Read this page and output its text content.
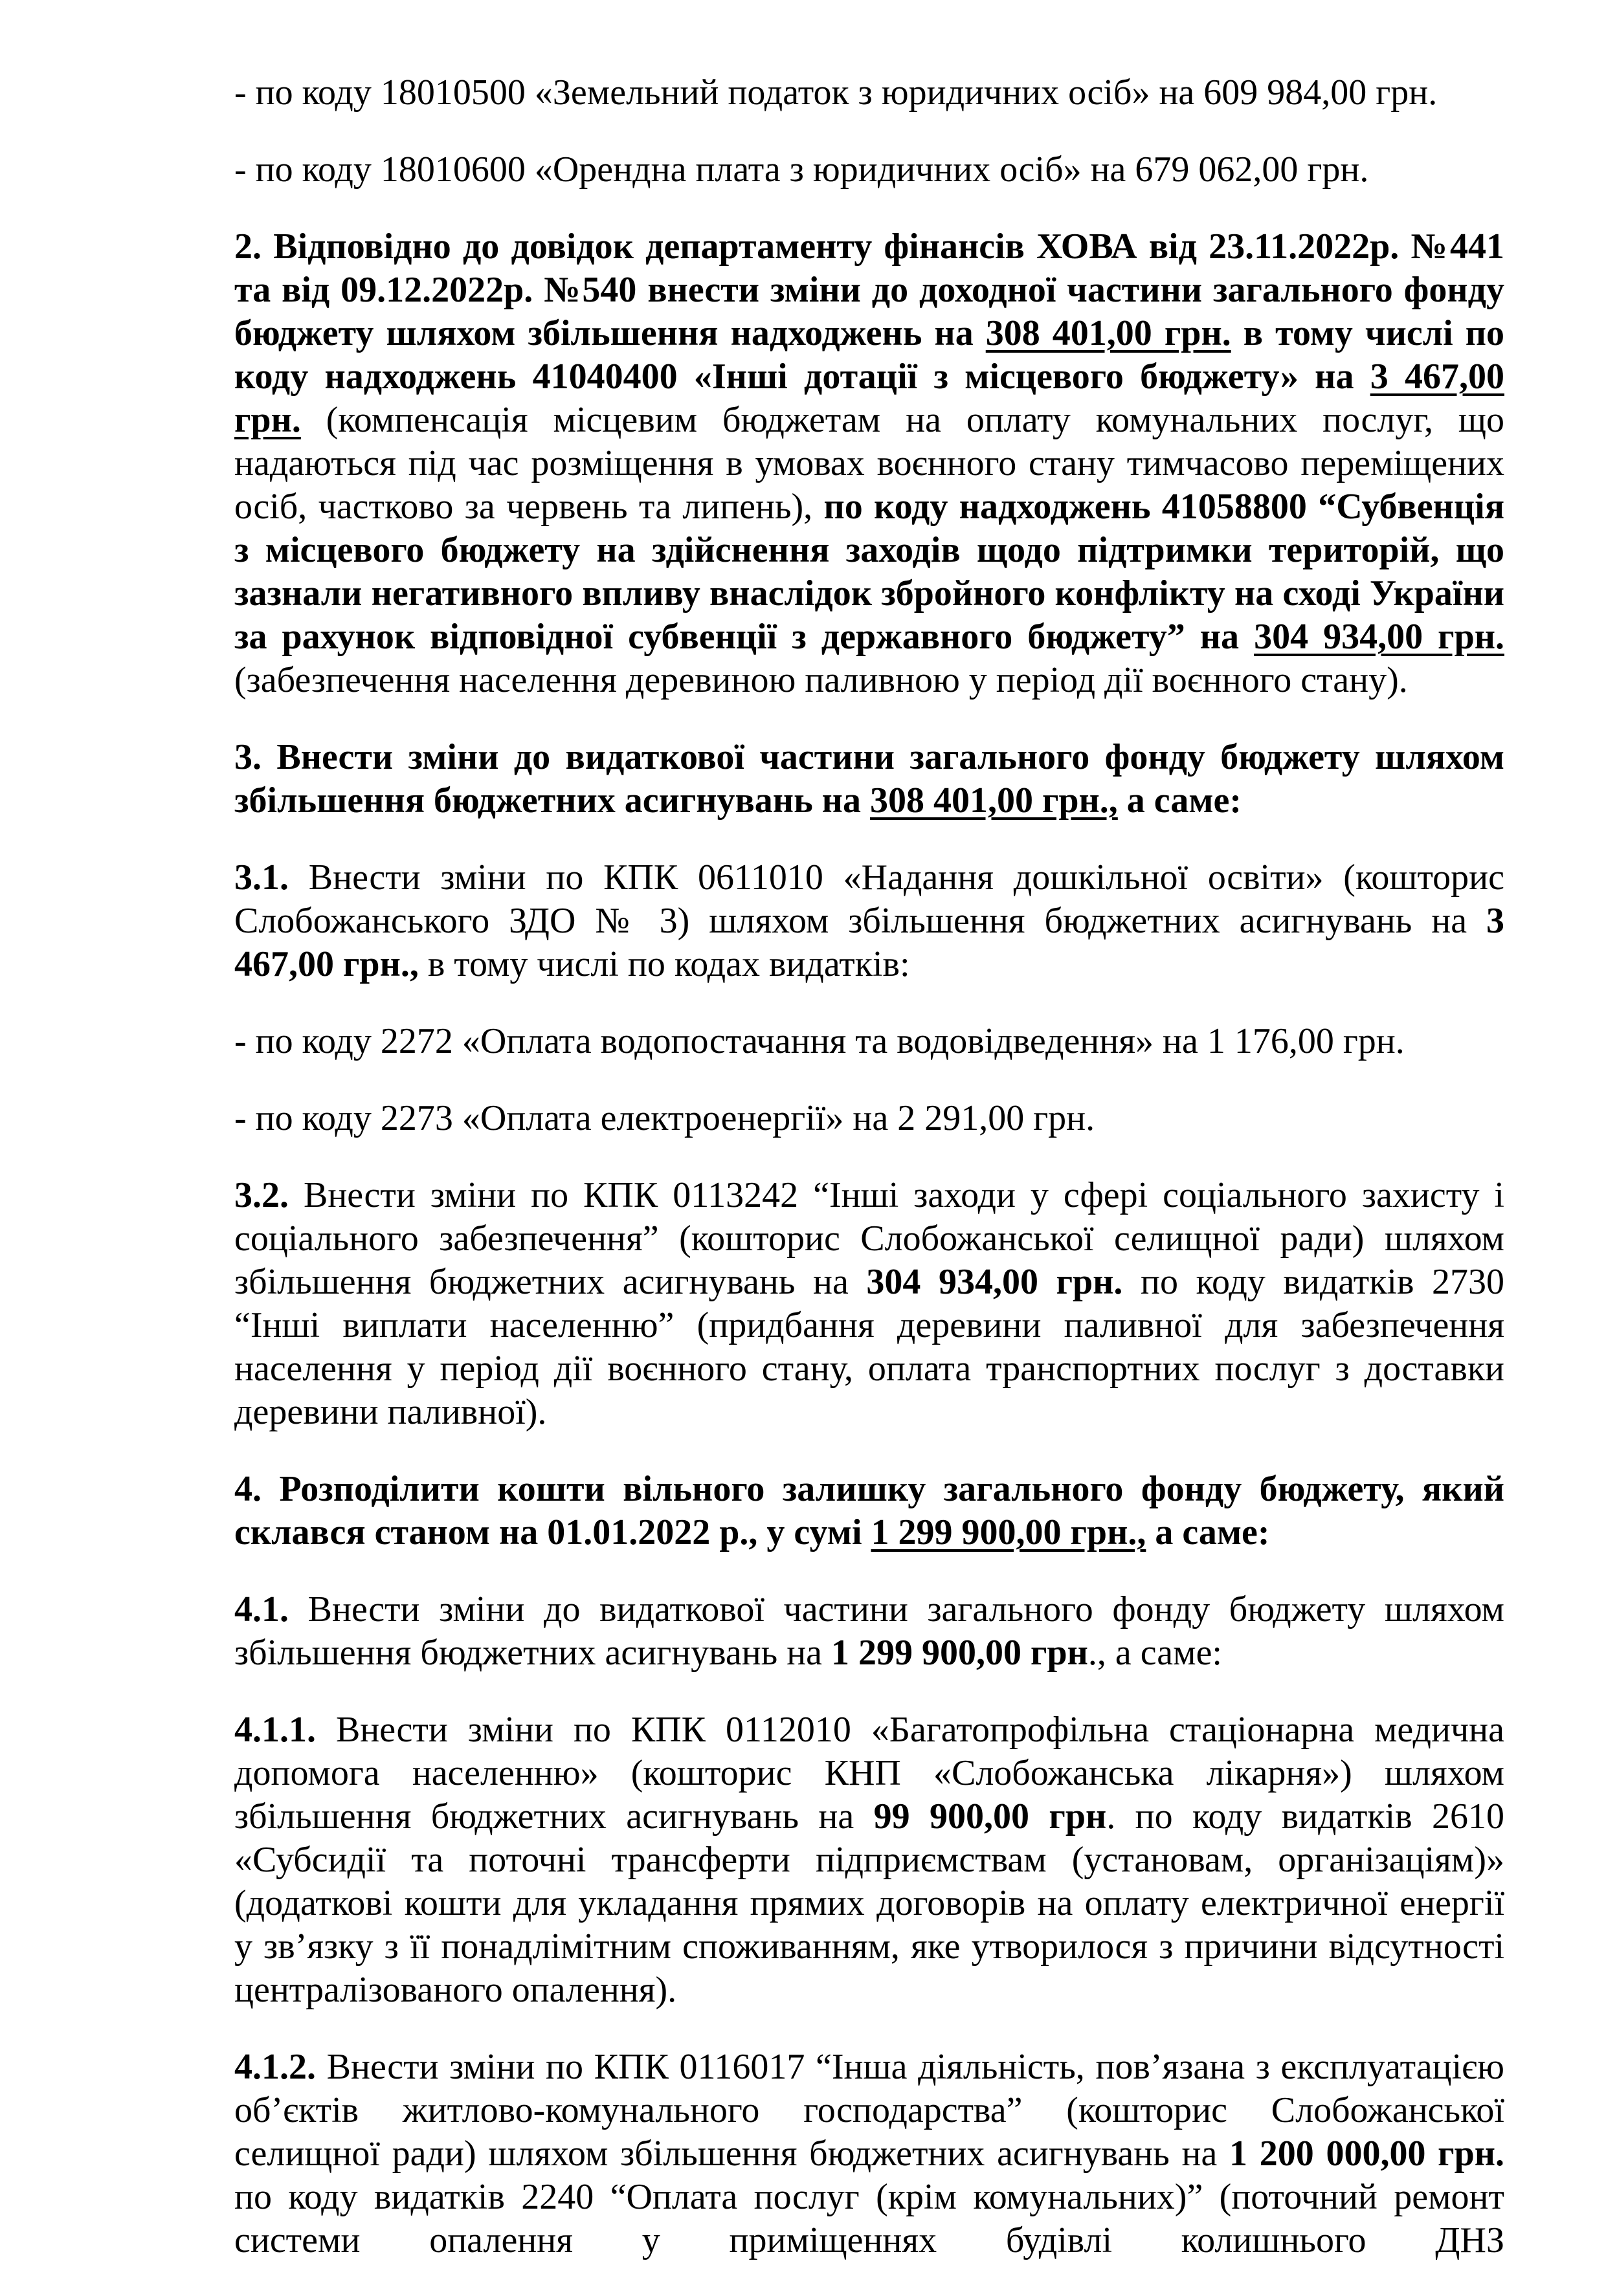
- по коду 18010500 «Земельний податок з юридичних осіб» на 609 984,00 грн.

- по коду 18010600 «Орендна плата з юридичних осіб» на 679 062,00 грн.

2. Відповідно до довідок департаменту фінансів ХОВА від 23.11.2022р. №441 та від 09.12.2022р. №540 внести зміни до доходної частини загального фонду бюджету шляхом збільшення надходжень на 308 401,00 грн. в тому числі по коду надходжень 41040400 «Інші дотації з місцевого бюджету» на 3 467,00 грн. (компенсація місцевим бюджетам на оплату комунальних послуг, що надаються під час розміщення в умовах воєнного стану тимчасово переміщених осіб, частково за червень та липень), по коду надходжень 41058800 “Субвенція з місцевого бюджету на здійснення заходів щодо підтримки територій, що зазнали негативного впливу внаслідок збройного конфлікту на сході України за рахунок відповідної субвенції з державного бюджету” на 304 934,00 грн. (забезпечення населення деревиною паливною у період дії воєнного стану).

3. Внести зміни до видаткової частини загального фонду бюджету шляхом збільшення бюджетних асигнувань на 308 401,00 грн., а саме:

3.1. Внести зміни по КПК 0611010 «Надання дошкільної освіти» (кошторис Слобожанського ЗДО № 3) шляхом збільшення бюджетних асигнувань на 3 467,00 грн., в тому числі по кодах видатків:

- по коду 2272 «Оплата водопостачання та водовідведення» на 1 176,00 грн.

- по коду 2273 «Оплата електроенергії» на 2 291,00 грн.

3.2. Внести зміни по КПК 0113242 “Інші заходи у сфері соціального захисту і соціального забезпечення” (кошторис Слобожанської селищної ради) шляхом збільшення бюджетних асигнувань на 304 934,00 грн. по коду видатків 2730 “Інші виплати населенню” (придбання деревини паливної для забезпечення населення у період дії воєнного стану, оплата транспортних послуг з доставки деревини паливної).

4. Розподілити кошти вільного залишку загального фонду бюджету, який склався станом на 01.01.2022 р., у сумі 1 299 900,00 грн., а саме:

4.1. Внести зміни до видаткової частини загального фонду бюджету шляхом збільшення бюджетних асигнувань на 1 299 900,00 грн., а саме:

4.1.1. Внести зміни по КПК 0112010 «Багатопрофільна стаціонарна медична допомога населенню» (кошторис КНП «Слобожанська лікарня») шляхом збільшення бюджетних асигнувань на 99 900,00 грн. по коду видатків 2610 «Субсидії та поточні трансферти підприємствам (установам, організаціям)» (додаткові кошти для укладання прямих договорів на оплату електричної енергії у зв’язку з її понадлімітним споживанням, яке утворилося з причини відсутності централізованого опалення).

4.1.2. Внести зміни по КПК 0116017 “Інша діяльність, пов’язана з експлуатацією об’єктів житлово-комунального господарства” (кошторис Слобожанської селищної ради) шляхом збільшення бюджетних асигнувань на 1 200 000,00 грн. по коду видатків 2240 “Оплата послуг (крім комунальних)” (поточний ремонт системи опалення у приміщеннях будівлі колишнього ДНЗ
